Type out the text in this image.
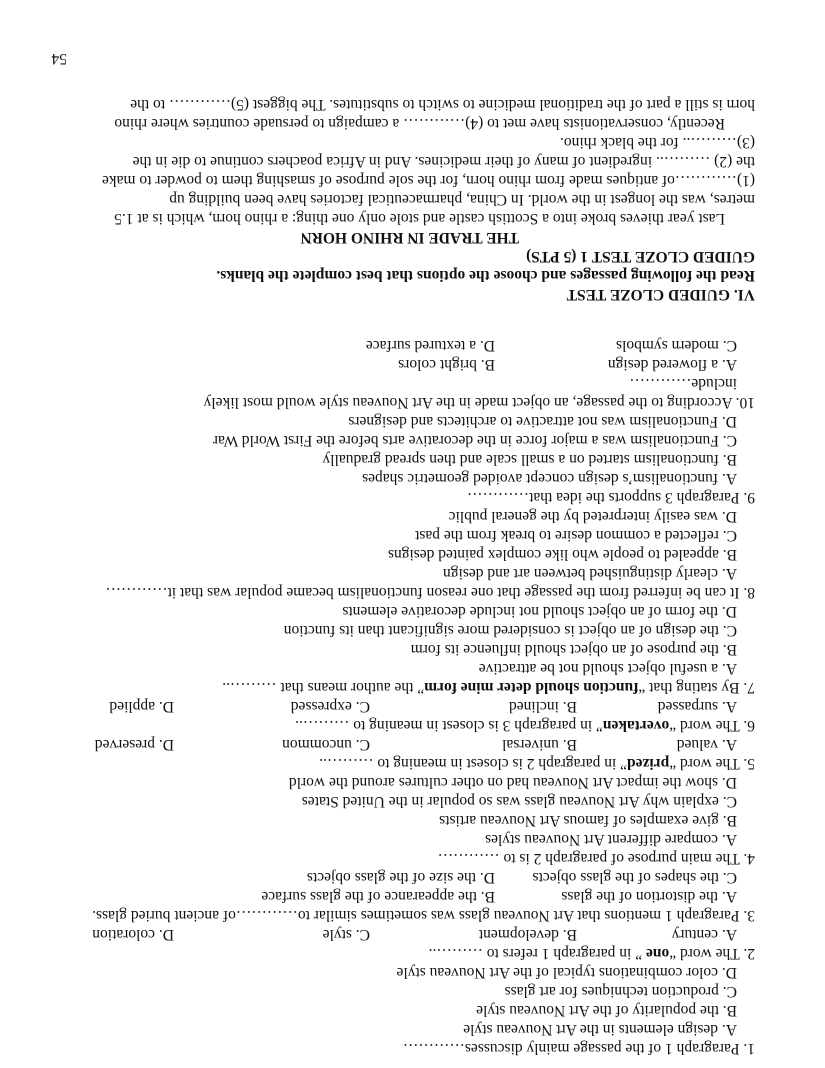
1. Paragraph 1 of the passage mainly discusses…………
A. design elements in the Art Nouveau style
B. the popularity of the Art Nouveau style
C. production techniques for art glass
D. color combinations typical of the Art Nouveau style
2. The word “one ” in paragraph 1 refers to ………..
A. century
B. development
C. style
D. coloration
3. Paragraph 1 mentions that Art Nouveau glass was sometimes similar to…………of ancient buried glass.
A. the distortion of the glass
B. the appearance of the glass surface
C. the shapes of the glass objects
D. the size of the glass objects
4. The main purpose of paragraph 2 is to …………
A. compare different Art Nouveau styles
B. give examples of famous Art Nouveau artists
C. explain why Art Nouveau glass was so popular in the United States
D. show the impact Art Nouveau had on other cultures around the world
5. The word “prized” in paragraph 2 is closest in meaning to ………..
A. valued
B. universal
C. uncommon
D. preserved
6. The word “overtaken” in paragraph 3 is closest in meaning to ………..
A. surpassed
B. inclined
C. expressed
D. applied
7. By stating that “function should deter mine form” the author means that ………..
A. a useful object should not be attractive
B. the purpose of an object should influence its form
C. the design of an object is considered more significant than its function
D. the form of an object should not include decorative elements
8. It can be inferred from the passage that one reason functionalism became popular was that it…………
A. clearly distinguished between art and design
B. appealed to people who like complex painted designs
C. reflected a common desire to break from the past
D. was easily interpreted by the general public
9. Paragraph 3 supports the idea that…………
A. functionalism’s design concept avoided geometric shapes
B. functionalism started on a small scale and then spread gradually
C. Functionalism was a major force in the decorative arts before the First World War
D. Functionalism was not attractive to architects and designers
10. According to the passage, an object made in the Art Nouveau style would most likely
include…………
A. a flowered design
B. bright colors
C. modern symbols
D. a textured surface
VI. GUIDED CLOZE TEST
Read the following passages and choose the options that best complete the blanks.
GUIDED CLOZE TEST 1 (5 PTS)
THE TRADE IN RHINO HORN
Last year thieves broke into a Scottish castle and stole only one thing: a rhino horn, which is at 1.5
metres, was the longest in the world. In China, pharmaceutical factories have been building up
(1)…………of antiques made from rhino horn, for the sole purpose of smashing them to powder to make
the (2) ……….. ingredient of many of their medicines. And in Africa poachers continue to die in the
(3)……….. for the black rhino.
Recently, conservationists have met to (4)………… a campaign to persuade countries where rhino
horn is still a part of the traditional medicine to switch to substitutes. The biggest (5)………… to the
54
